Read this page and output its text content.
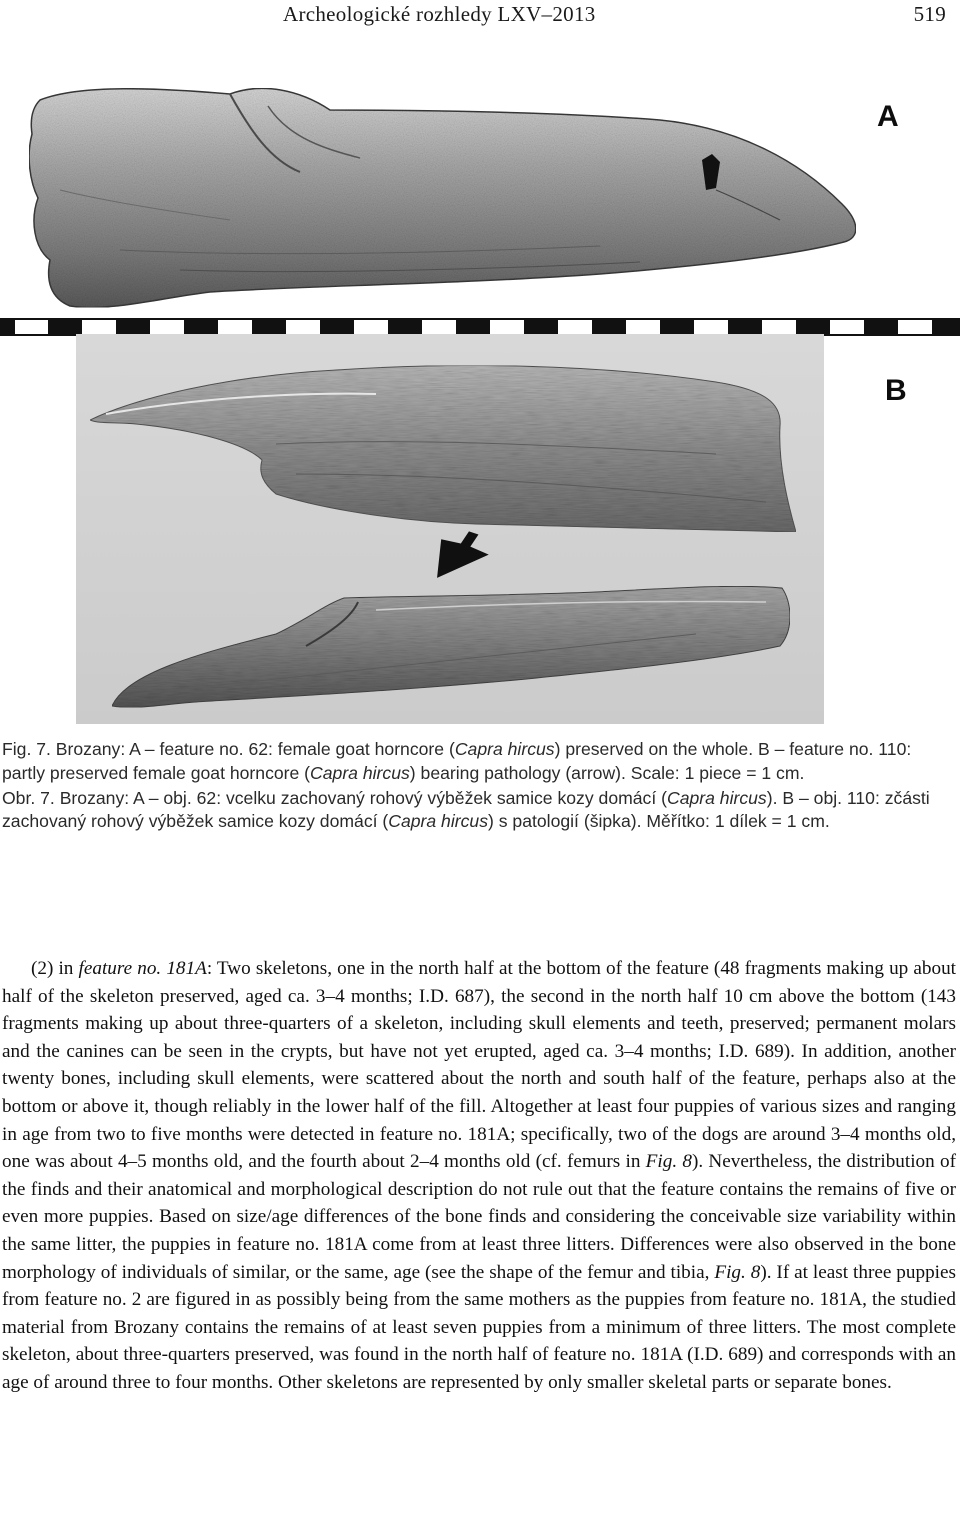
Archeologické rozhledy LXV–2013	519
A
B

Fig. 7. Brozany: A – feature no. 62: female goat horncore (Capra hircus) preserved on the whole. B – feature no. 110: partly preserved female goat horncore (Capra hircus) bearing pathology (arrow). Scale: 1 piece = 1 cm.

Obr. 7. Brozany: A – obj. 62: vcelku zachovaný rohový výběžek samice kozy domácí (Capra hircus). B – obj. 110: zčásti zachovaný rohový výběžek samice kozy domácí (Capra hircus) s patologií (šipka). Měřítko: 1 dílek = 1 cm.

(2) in feature no. 181A: Two skeletons, one in the north half at the bottom of the feature (48 fragments making up about half of the skeleton preserved, aged ca. 3–4 months; I.D. 687), the second in the north half 10 cm above the bottom (143 fragments making up about three-quarters of a skeleton, including skull elements and teeth, preserved; permanent molars and the canines can be seen in the crypts, but have not yet erupted, aged ca. 3–4 months; I.D. 689). In addition, another twenty bones, including skull elements, were scattered about the north and south half of the feature, perhaps also at the bottom or above it, though reliably in the lower half of the fill. Altogether at least four puppies of various sizes and ranging in age from two to five months were detected in feature no. 181A; specifically, two of the dogs are around 3–4 months old, one was about 4–5 months old, and the fourth about 2–4 months old (cf. femurs in Fig. 8). Nevertheless, the distribution of the finds and their anatomical and morphological description do not rule out that the feature contains the remains of five or even more puppies. Based on size/age differences of the bone finds and considering the conceivable size variability within the same litter, the puppies in feature no. 181A come from at least three litters. Differences were also observed in the bone morphology of individuals of similar, or the same, age (see the shape of the femur and tibia, Fig. 8). If at least three puppies from feature no. 2 are figured in as possibly being from the same mothers as the puppies from feature no. 181A, the studied material from Brozany contains the remains of at least seven puppies from a minimum of three litters. The most complete skeleton, about three-quarters preserved, was found in the north half of feature no. 181A (I.D. 689) and corresponds with an age of around three to four months. Other skeletons are represented by only smaller skeletal parts or separate bones.
